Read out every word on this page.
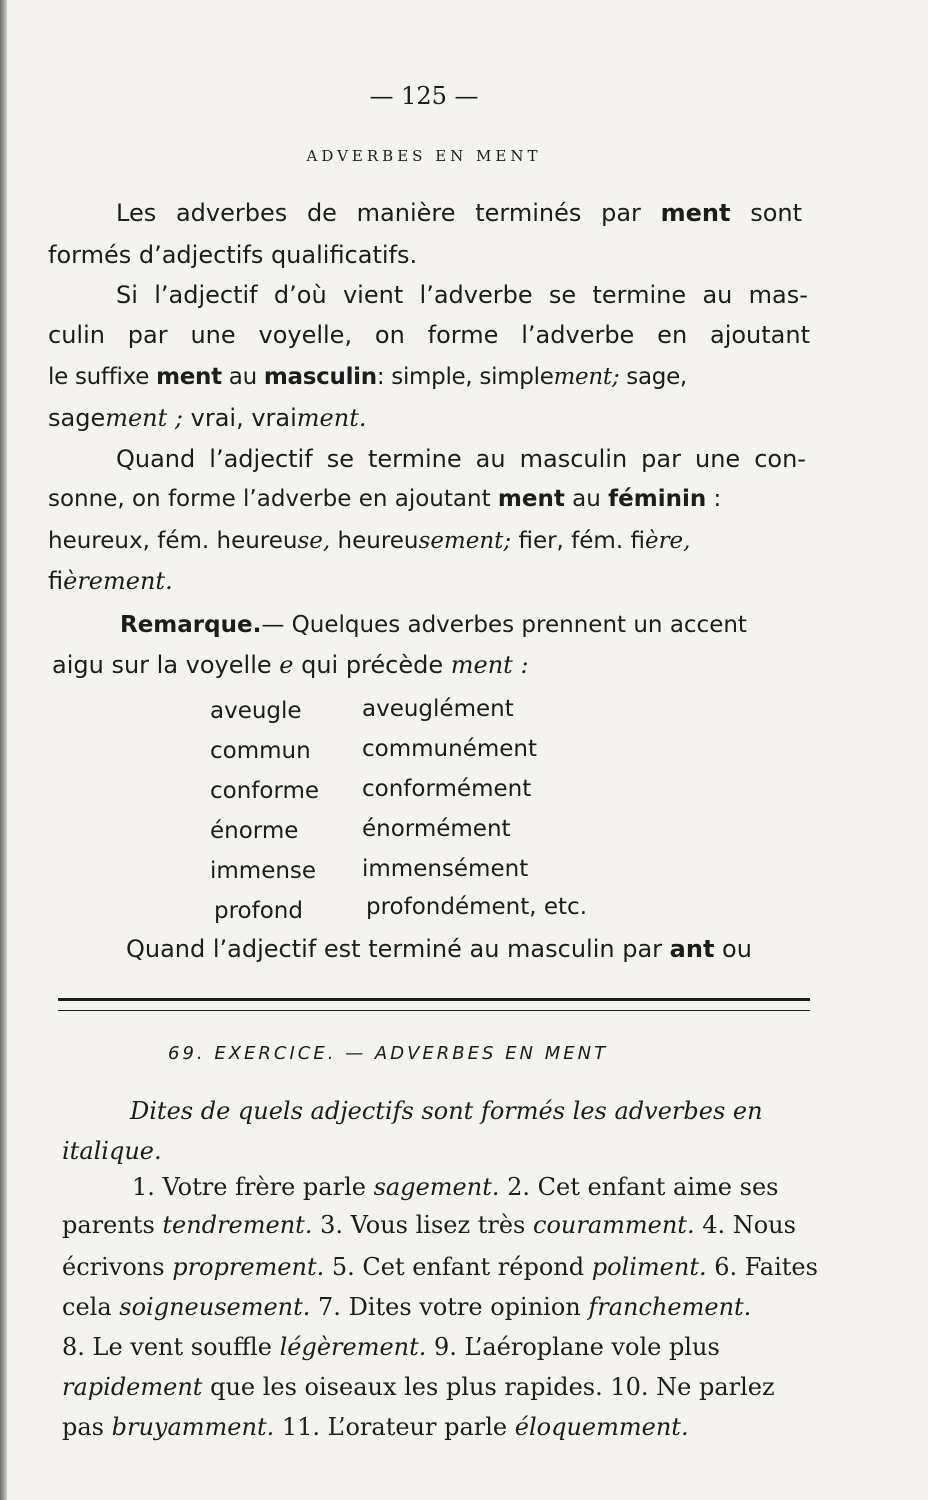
— 125 —
ADVERBES EN MENT
Les adverbes de manière terminés par ment sont
formés d’adjectifs qualificatifs.
Si l’adjectif d’où vient l’adverbe se termine au mas-
culin par une voyelle, on forme l’adverbe en ajoutant
le suffixe ment au masculin: simple, simplement; sage,
sagement ; vrai, vraiment.
Quand l’adjectif se termine au masculin par une con-
sonne, on forme l’adverbe en ajoutant ment au féminin :
heureux, fém. heureuse, heureusement; fier, fém. fière,
fièrement.
Remarque.— Quelques adverbes prennent un accent
aigu sur la voyelle e qui précède ment :
aveugle	aveuglément
commun communément
conforme conformément
énorme	énormément
immense immensément
profond	profondément, etc.
Quand l’adjectif est terminé au masculin par ant ou
69. EXERCICE. — ADVERBES EN MENT
Dites de quels adjectifs sont formés les adverbes en
italique.
1. Votre frère parle sagement. 2. Cet enfant aime ses
parents tendrement. 3. Vous lisez très couramment. 4. Nous
écrivons proprement. 5. Cet enfant répond poliment. 6. Faites
cela soigneusement. 7. Dites votre opinion franchement.
8. Le vent souffle légèrement. 9. L’aéroplane vole plus
rapidement que les oiseaux les plus rapides. 10. Ne parlez
pas bruyamment. 11. L’orateur parle éloquemment.
